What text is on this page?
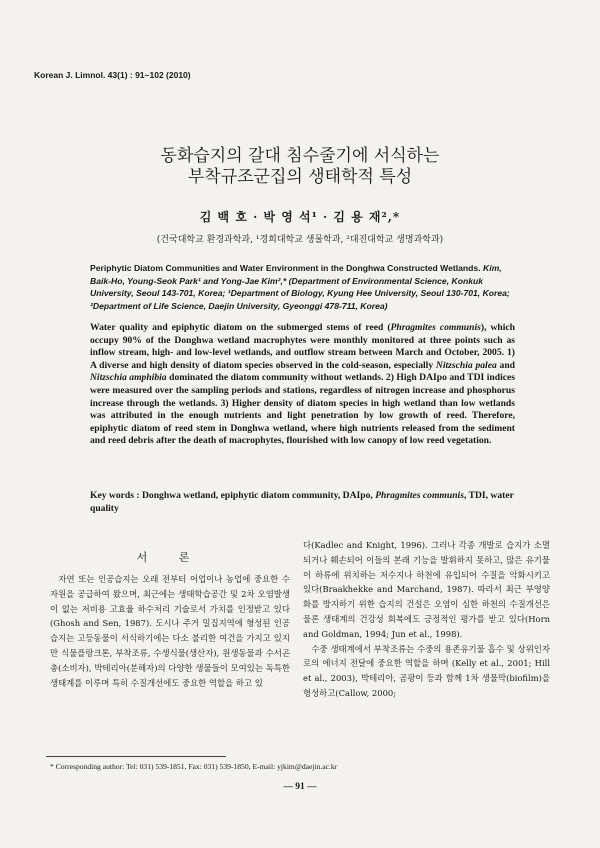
Korean J. Limnol. 43(1) : 91~102 (2010)
동화습지의 갈대 침수줄기에 서식하는
부착규조군집의 생태학적 특성
김 백 호 · 박 영 석¹ · 김 용 재²,*
(건국대학교 환경과학과, ¹경희대학교 생물학과, ²대진대학교 생명과학과)
Periphytic Diatom Communities and Water Environment in the Donghwa Constructed Wetlands. Kim, Baik-Ho, Young-Seok Park¹ and Yong-Jae Kim²,* (Department of Environmental Science, Konkuk University, Seoul 143-701, Korea; ¹Department of Biology, Kyung Hee University, Seoul 130-701, Korea; ²Department of Life Science, Daejin University, Gyeonggi 478-711, Korea)
Water quality and epiphytic diatom on the submerged stems of reed (Phragmites communis), which occupy 90% of the Donghwa wetland macrophytes were monthly monitored at three points such as inflow stream, high- and low-level wetlands, and outflow stream between March and October, 2005. 1) A diverse and high density of diatom species observed in the cold-season, especially Nitzschia palea and Nitzschia amphibia dominated the diatom community without wetlands. 2) High DAIpo and TDI indices were measured over the sampling periods and stations, regardless of nitrogen increase and phosphorus increase through the wetlands. 3) Higher density of diatom species in high wetland than low wetlands was attributed in the enough nutrients and light penetration by low growth of reed. Therefore, epiphytic diatom of reed stem in Donghwa wetland, where high nutrients released from the sediment and reed debris after the death of macrophytes, flourished with low canopy of low reed vegetation.
Key words : Donghwa wetland, epiphytic diatom community, DAIpo, Phragmites communis, TDI, water quality
서 론

자연 또는 인공습지는 오래 전부터 어업이나 농업에 중요한 수자원을 공급하여 왔으며, 최근에는 생태학습공간 및 2차 오염발생이 없는 저비용 고효율 하수처리 기술로서 가치를 인정받고 있다(Ghosh and Sen, 1987). 도시나 주거 밀집지역에 형성된 인공습지는 고등동물이 서식하기에는 다소 불리한 여건을 가지고 있지만 식물플랑크톤, 부착조류, 수생식물(생산자), 원생동물과 수서곤충(소비자), 박테리아(분해자)의 다양한 생물들이 모여있는 독특한 생태계를 이루며 특히 수질개선에도 중요한 역할을 하고 있

다(Kadlec and Knight, 1996). 그러나 각종 개발로 습지가 소멸되거나 훼손되어 이들의 본래 기능을 발휘하지 못하고, 많은 유기물이 하류에 위치하는 저수지나 하천에 유입되어 수질을 악화시키고 있다(Braakhekke and Marchand, 1987). 따라서 최근 부영양화를 방지하기 위한 습지의 건설은 오염이 심한 하천의 수질개선은 물론 생태계의 건강성 회복에도 긍정적인 평가를 받고 있다(Horn and Goldman, 1994; Jun et al., 1998).

수중 생태계에서 부착조류는 수중의 용존유기물 흡수 및 상위인자로의 에너지 전달에 중요한 역할을 하며 (Kelly et al., 2001; Hill et al., 2003), 박테리아, 곰팡이 등과 함께 1차 생물막(biofilm)을 형성하고(Callow, 2000;

* Corresponding author: Tel: 031) 539-1851, Fax: 031) 539-1850, E-mail: yjkim@daejin.ac.kr
— 91 —
